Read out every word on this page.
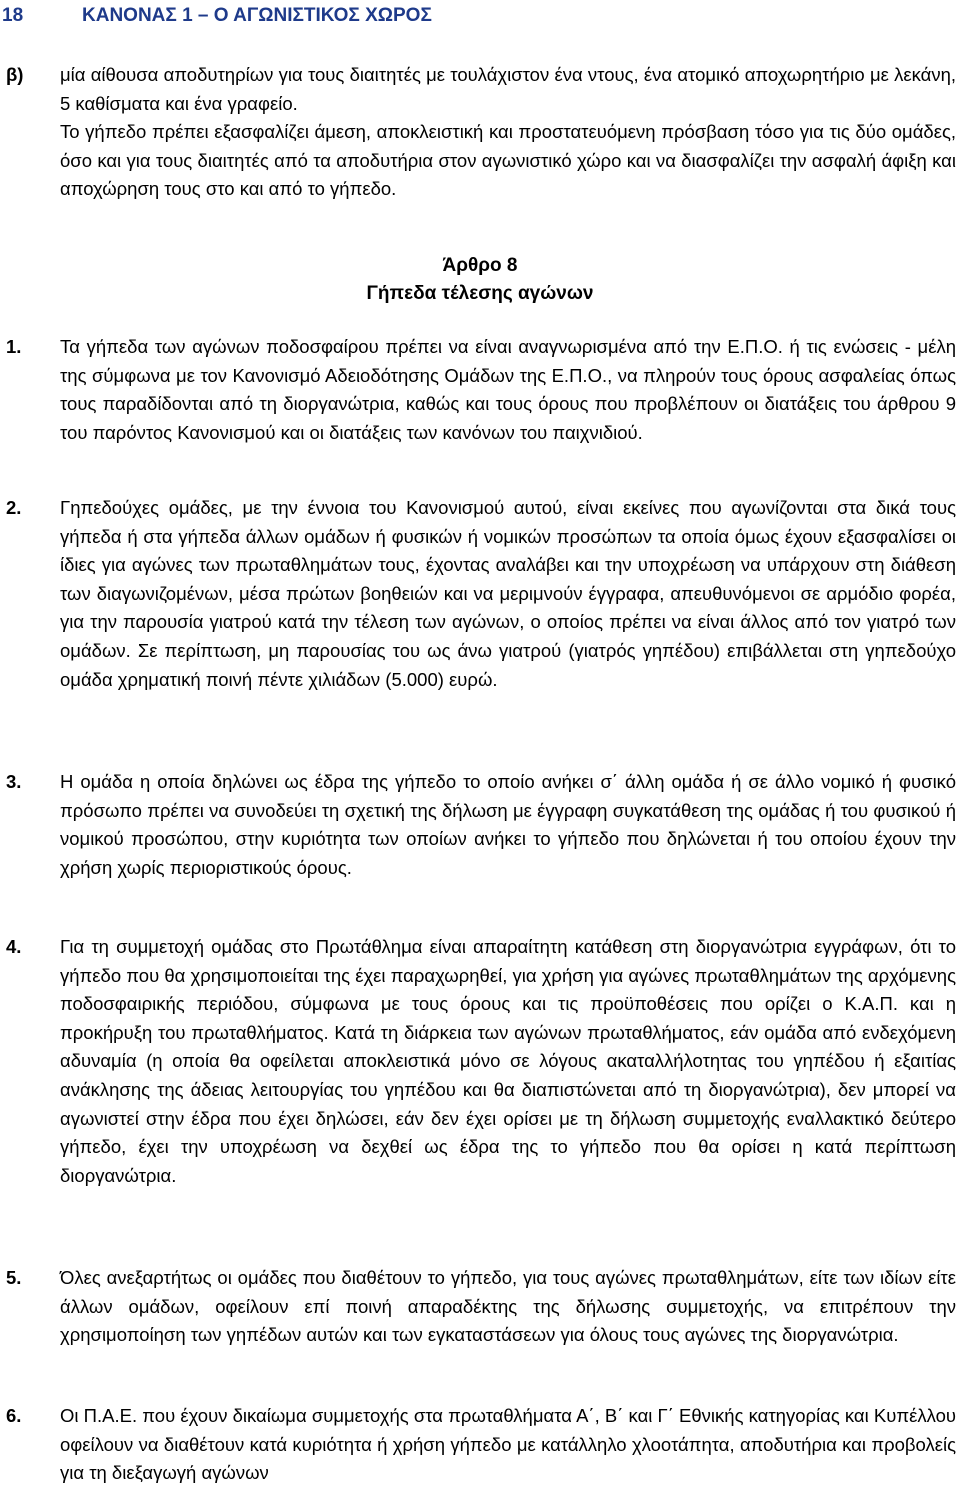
18	ΚΑΝΟΝΑΣ 1 – Ο ΑΓΩΝΙΣΤΙΚΟΣ ΧΩΡΟΣ
β) μία αίθουσα αποδυτηρίων για τους διαιτητές με τουλάχιστον ένα ντους, ένα ατομικό αποχωρητήριο με λεκάνη, 5 καθίσματα και ένα γραφείο.
Το γήπεδο πρέπει εξασφαλίζει άμεση, αποκλειστική και προστατευόμενη πρόσβαση τόσο για τις δύο ομάδες, όσο και για τους διαιτητές από τα αποδυτήρια στον αγωνιστικό χώρο και να διασφαλίζει την ασφαλή άφιξη και αποχώρηση τους στο και από το γήπεδο.
Άρθρο 8
Γήπεδα τέλεσης αγώνων
1. Τα γήπεδα των αγώνων ποδοσφαίρου πρέπει να είναι αναγνωρισμένα από την Ε.Π.Ο. ή τις ενώσεις - μέλη της σύμφωνα με τον Κανονισμό Αδειοδότησης Ομάδων της Ε.Π.Ο., να πληρούν τους όρους ασφαλείας όπως τους παραδίδονται από τη διοργανώτρια, καθώς και τους όρους που προβλέπουν οι διατάξεις του άρθρου 9 του παρόντος Κανονισμού και οι διατάξεις των κανόνων του παιχνιδιού.
2. Γηπεδούχες ομάδες, με την έννοια του Κανονισμού αυτού, είναι εκείνες που αγωνίζονται στα δικά τους γήπεδα ή στα γήπεδα άλλων ομάδων ή φυσικών ή νομικών προσώπων τα οποία όμως έχουν εξασφαλίσει οι ίδιες για αγώνες των πρωταθλημάτων τους, έχοντας αναλάβει και την υποχρέωση να υπάρχουν στη διάθεση των διαγωνιζομένων, μέσα πρώτων βοηθειών και να μεριμνούν έγγραφα, απευθυνόμενοι σε αρμόδιο φορέα, για την παρουσία γιατρού κατά την τέλεση των αγώνων, ο οποίος πρέπει να είναι άλλος από τον γιατρό των ομάδων. Σε περίπτωση, μη παρουσίας του ως άνω γιατρού (γιατρός γηπέδου) επιβάλλεται στη γηπεδούχο ομάδα χρηματική ποινή πέντε χιλιάδων (5.000) ευρώ.
3. Η ομάδα η οποία δηλώνει ως έδρα της γήπεδο το οποίο ανήκει σ΄ άλλη ομάδα ή σε άλλο νομικό ή φυσικό πρόσωπο πρέπει να συνοδεύει τη σχετική της δήλωση με έγγραφη συγκατάθεση της ομάδας ή του φυσικού ή νομικού προσώπου, στην κυριότητα των οποίων ανήκει το γήπεδο που δηλώνεται ή του οποίου έχουν την χρήση χωρίς περιοριστικούς όρους.
4. Για τη συμμετοχή ομάδας στο Πρωτάθλημα είναι απαραίτητη κατάθεση στη διοργανώτρια εγγράφων, ότι το γήπεδο που θα χρησιμοποιείται της έχει παραχωρηθεί, για χρήση για αγώνες πρωταθλημάτων της αρχόμενης ποδοσφαιρικής περιόδου, σύμφωνα με τους όρους και τις προϋποθέσεις που ορίζει ο Κ.Α.Π. και η προκήρυξη του πρωταθλήματος. Κατά τη διάρκεια των αγώνων πρωταθλήματος, εάν ομάδα από ενδεχόμενη αδυναμία (η οποία θα οφείλεται αποκλειστικά μόνο σε λόγους ακαταλλήλοτητας του γηπέδου ή εξαιτίας ανάκλησης της άδειας λειτουργίας του γηπέδου και θα διαπιστώνεται από τη διοργανώτρια), δεν μπορεί να αγωνιστεί στην έδρα που έχει δηλώσει, εάν δεν έχει ορίσει με τη δήλωση συμμετοχής εναλλακτικό δεύτερο γήπεδο, έχει την υποχρέωση να δεχθεί ως έδρα της το γήπεδο που θα ορίσει η κατά περίπτωση διοργανώτρια.
5. Όλες ανεξαρτήτως οι ομάδες που διαθέτουν το γήπεδο, για τους αγώνες πρωταθλημάτων, είτε των ιδίων είτε άλλων ομάδων, οφείλουν επί ποινή απαραδέκτης της δήλωσης συμμετοχής, να επιτρέπουν την χρησιμοποίηση των γηπέδων αυτών και των εγκαταστάσεων για όλους τους αγώνες της διοργανώτρια.
6. Οι Π.Α.Ε. που έχουν δικαίωμα συμμετοχής στα πρωταθλήματα Α΄, Β΄ και Γ΄ Εθνικής κατηγορίας και Κυπέλλου οφείλουν να διαθέτουν κατά κυριότητα ή χρήση γήπεδο με κατάλληλο χλοοτάπητα, αποδυτήρια και προβολείς για τη διεξαγωγή αγώνων
